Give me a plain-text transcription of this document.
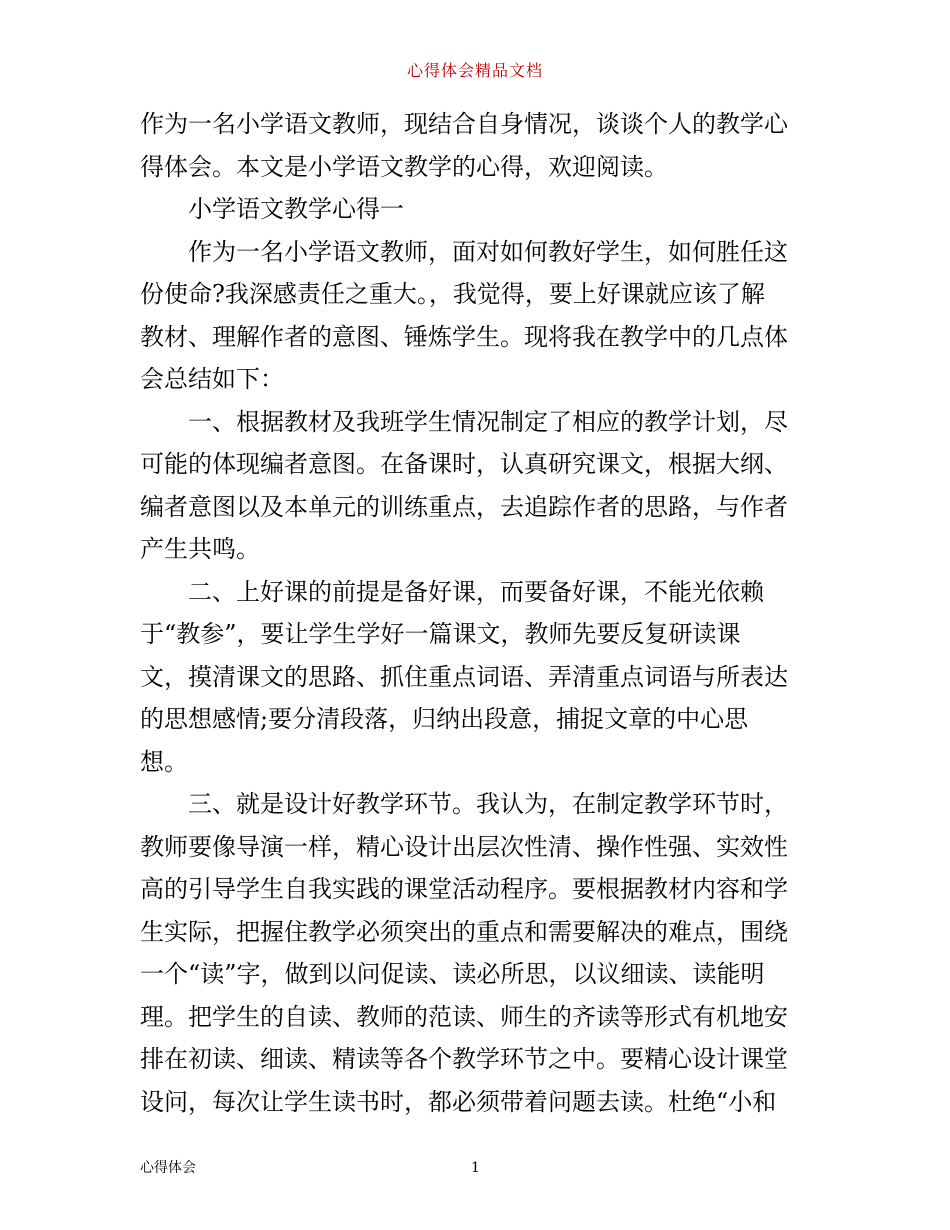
心得体会精品文档
作为一名小学语文教师，现结合自身情况，谈谈个人的教学心
得体会。本文是小学语文教学的心得，欢迎阅读。
小学语文教学心得一
作为一名小学语文教师，面对如何教好学生，如何胜任这
份使命?我深感责任之重大。，我觉得，要上好课就应该了解
教材、理解作者的意图、锤炼学生。现将我在教学中的几点体
会总结如下：
一、根据教材及我班学生情况制定了相应的教学计划，尽
可能的体现编者意图。在备课时，认真研究课文，根据大纲、
编者意图以及本单元的训练重点，去追踪作者的思路，与作者
产生共鸣。
二、上好课的前提是备好课，而要备好课，不能光依赖
于“教参”，要让学生学好一篇课文，教师先要反复研读课
文，摸清课文的思路、抓住重点词语、弄清重点词语与所表达
的思想感情;要分清段落，归纳出段意，捕捉文章的中心思
想。
三、就是设计好教学环节。我认为，在制定教学环节时，
教师要像导演一样，精心设计出层次性清、操作性强、实效性
高的引导学生自我实践的课堂活动程序。要根据教材内容和学
生实际，把握住教学必须突出的重点和需要解决的难点，围绕
一个“读”字，做到以问促读、读必所思，以议细读、读能明
理。把学生的自读、教师的范读、师生的齐读等形式有机地安
排在初读、细读、精读等各个教学环节之中。要精心设计课堂
设问，每次让学生读书时，都必须带着问题去读。杜绝“小和
心得体会	1
